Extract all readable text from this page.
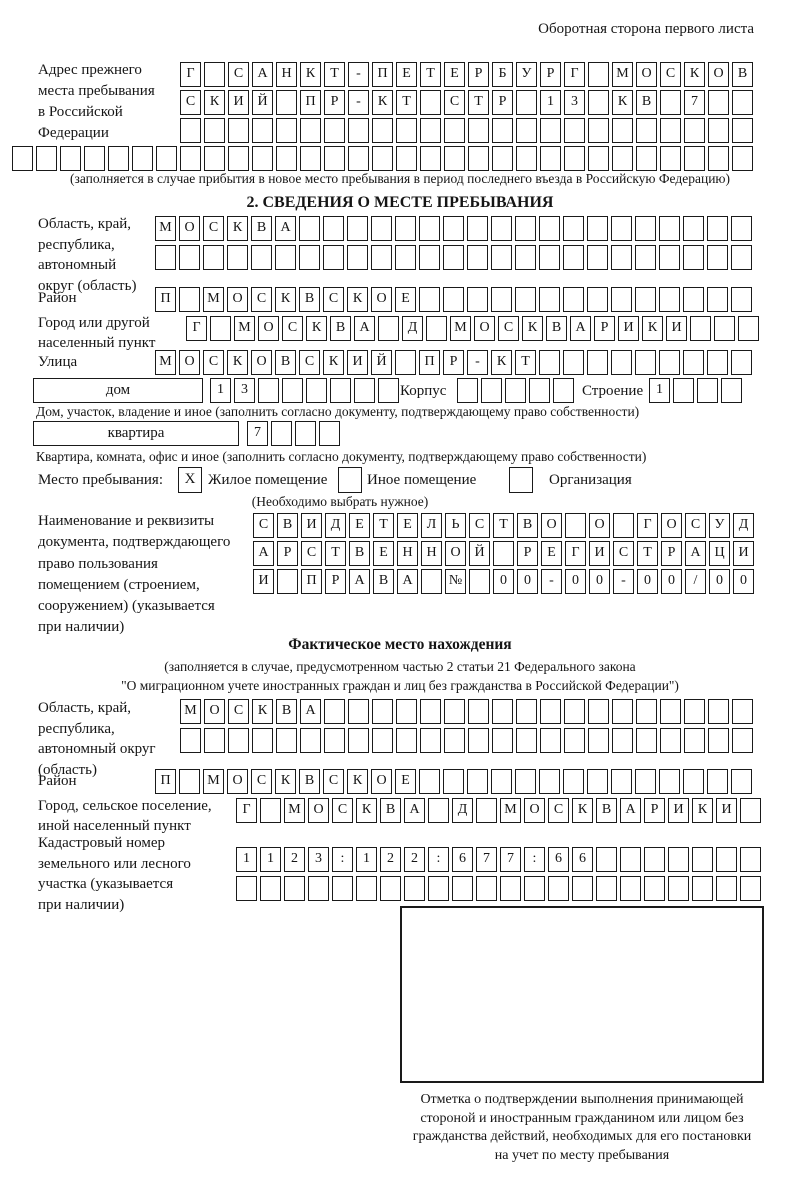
Оборотная сторона первого листа
Адрес прежнего
места пребывания
в Российской
Федерации
Г	С	А Н	К	Т	-	П	Е	Т	Е	Р	Б	У	Р	Г	М О	С	К	О	В
С	К	И Й	П	Р	-	К	Т	С	Т	Р	1	3	К	В	7
(заполняется в случае прибытия в новое место пребывания в период последнего въезда в Российскую Федерацию)
2. СВЕДЕНИЯ О МЕСТЕ ПРЕБЫВАНИЯ
Область, край,
республика,
автономный
округ (область)
М О	С	К	В	А
Район	П	М О	С	К	В	С	К	О	Е
Город или другой
населенный пункт
Г	М О	С	К	В	А	Д	М О	С	К	В	А	Р	И	К	И
Улица	М О	С	К	О	В	С	К	И Й	П	Р	-	К	Т
дом	1	3	Корпус	Строение 1
Дом, участок, владение и иное (заполнить согласно документу, подтверждающему право собственности)
квартира	7
Квартира, комната, офис и иное (заполнить согласно документу, подтверждающему право собственности)
Место пребывания:	X Жилое помещение	Иное помещение	Организация
(Необходимо выбрать нужное)
Наименование и реквизиты
документа, подтверждающего
право пользования
помещением (строением,
сооружением) (указывается
при наличии)
С	В	И	Д	Е	Т	Е	Л	Ь	С	Т	В	О	О	Г	О	С	У	Д
А	Р	С	Т	В	Е	Н Н О Й	Р	Е	Г	И	С	Т	Р	А Ц И
И	П	Р	А	В	А	№	0	0	-	0	0	-	0	0	/	0	0
Фактическое место нахождения
(заполняется в случае, предусмотренном частью 2 статьи 21 Федерального закона
"О миграционном учете иностранных граждан и лиц без гражданства в Российской Федерации")
Область, край,
республика,
автономный округ
(область)
М О	С	К	В	А
Район	П	М О	С	К	В	С	К	О	Е
Город, сельское поселение,
иной населенный пункт
Г	М О	С	К	В	А	Д	М О	С	К	В	А	Р	И	К	И
Кадастровый номер
земельного или лесного
участка (указывается
при наличии)
1	1	2	3	:	1	2	2	:	6	7	7	:	6	6
Отметка о подтверждении выполнения принимающей
стороной и иностранным гражданином или лицом без
гражданства действий, необходимых для его постановки
на учет по месту пребывания
